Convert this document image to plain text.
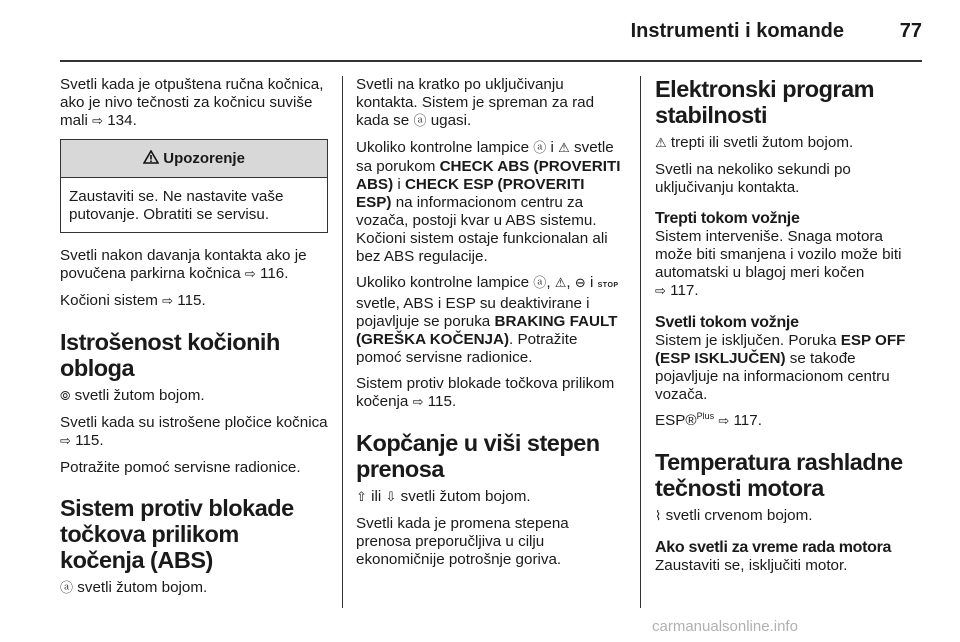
Instrumenti i komande	77

Svetli kada je otpuštena ručna kočnica, ako je nivo tečnosti za kočnicu suviše mali ⇨ 134.

Upozorenje
Zaustaviti se. Ne nastavite vaše putovanje. Obratiti se servisu.

Svetli nakon davanja kontakta ako je povučena parkirna kočnica ⇨ 116.

Kočioni sistem ⇨ 115.

Istrošenost kočionih obloga

⦾ svetli žutom bojom.

Svetli kada su istrošene pločice kočnica ⇨ 115.

Potražite pomoć servisne radionice.

Sistem protiv blokade točkova prilikom kočenja (ABS)

ⓐ svetli žutom bojom.

Svetli na kratko po uključivanju kontakta. Sistem je spreman za rad kada se ⓐ ugasi.

Ukoliko kontrolne lampice ⓐ i ⚠ svetle sa porukom CHECK ABS (PROVERITI ABS) i CHECK ESP (PROVERITI ESP) na informacionom centru za vozača, postoji kvar u ABS sistemu. Kočioni sistem ostaje funkcionalan ali bez ABS regulacije.

Ukoliko kontrolne lampice ⓐ, ⚠, ⊖ i STOP svetle, ABS i ESP su deaktivirane i pojavljuje se poruka BRAKING FAULT (GREŠKA KOČENJA). Potražite pomoć servisne radionice.

Sistem protiv blokade točkova prilikom kočenja ⇨ 115.

Kopčanje u viši stepen prenosa

⇧ ili ⇩ svetli žutom bojom.

Svetli kada je promena stepena prenosa preporučljiva u cilju ekonomičnije potrošnje goriva.

Elektronski program stabilnosti

⚠ trepti ili svetli žutom bojom.

Svetli na nekoliko sekundi po uključivanju kontakta.

Trepti tokom vožnje

Sistem interveniše. Snaga motora može biti smanjena i vozilo može biti automatski u blagoj meri kočen
⇨ 117.

Svetli tokom vožnje

Sistem je isključen. Poruka ESP OFF (ESP ISKLJUČEN) se takođe pojavljuje na informacionom centru vozača.

ESP®$^{Plus}$ ⇨ 117.

Temperatura rashladne tečnosti motora

⌇ svetli crvenom bojom.

Ako svetli za vreme rada motora

Zaustaviti se, isključiti motor.

carmanualsonline.info
